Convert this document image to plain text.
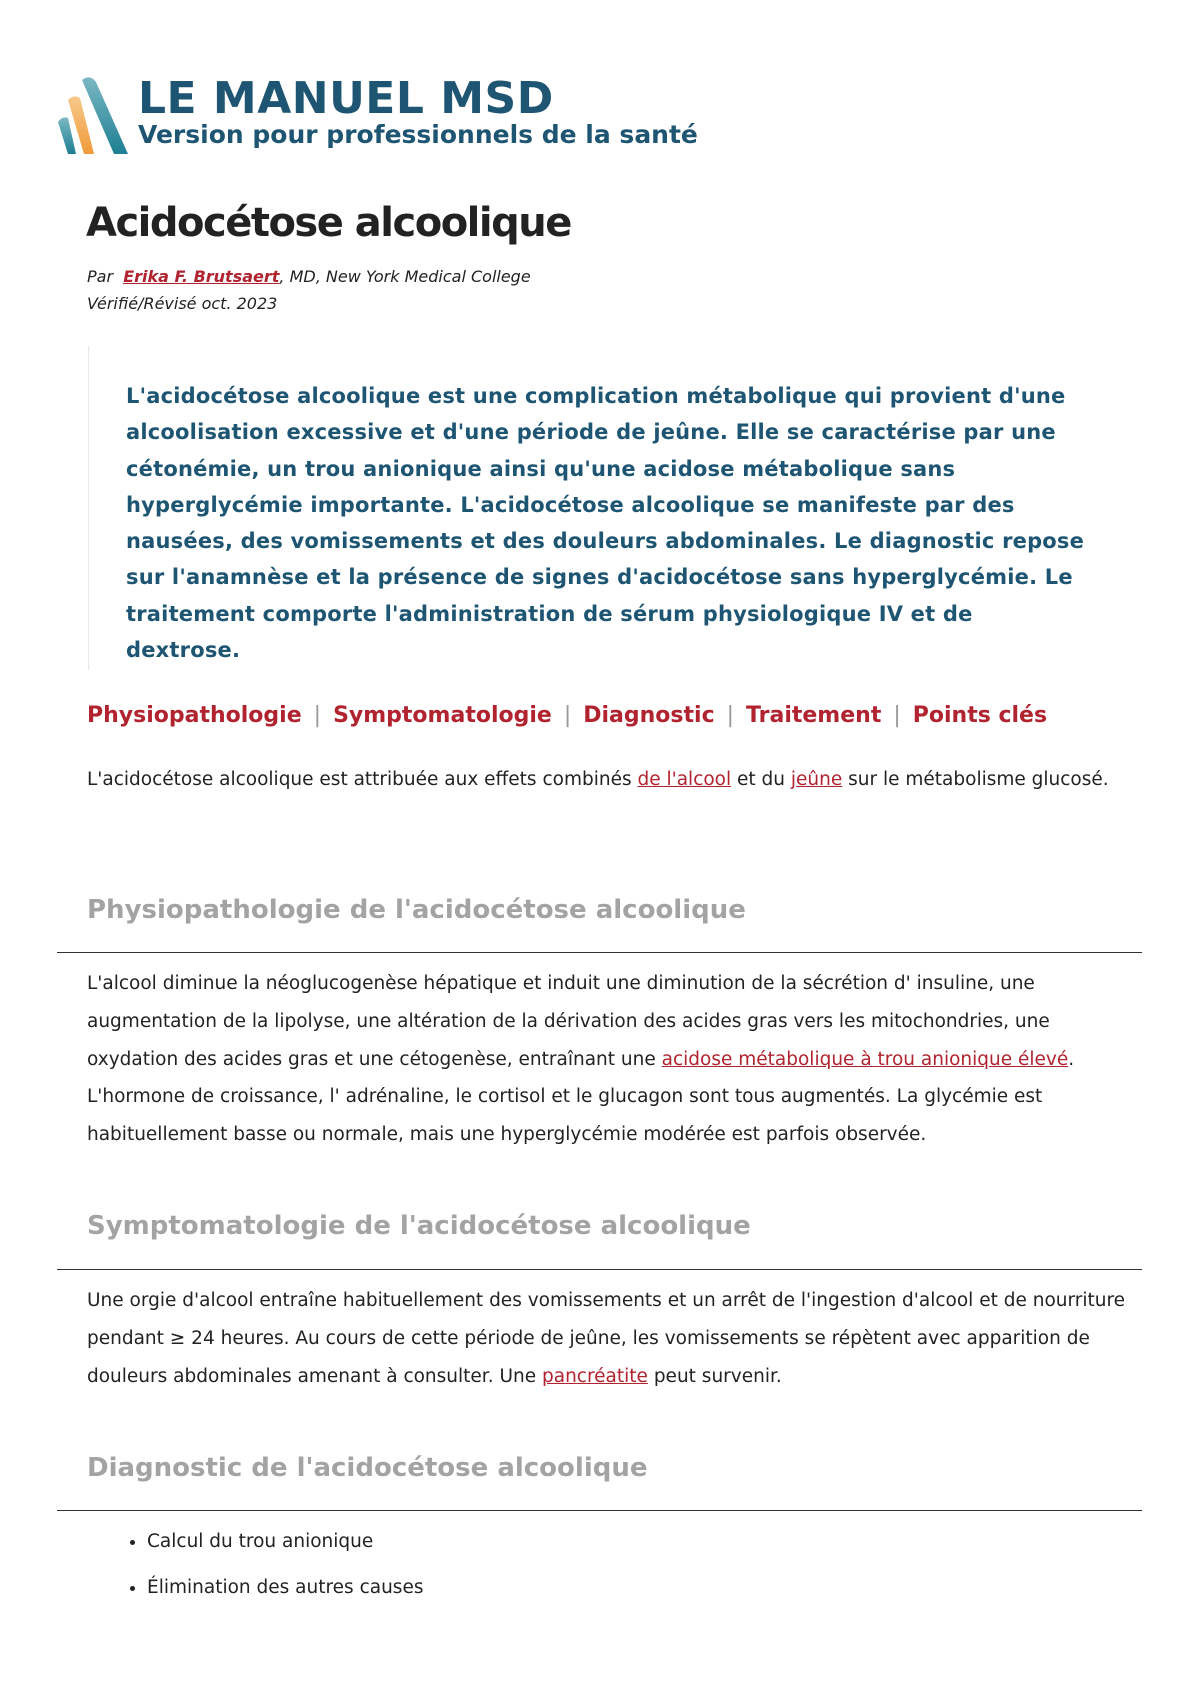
LE MANUEL MSD
Version pour professionnels de la santé
Acidocétose alcoolique
Par Erika F. Brutsaert, MD, New York Medical College
Vérifié/Révisé oct. 2023

L'acidocétose alcoolique est une complication métabolique qui provient d'une alcoolisation excessive et d'une période de jeûne. Elle se caractérise par une cétonémie, un trou anionique ainsi qu'une acidose métabolique sans hyperglycémie importante. L'acidocétose alcoolique se manifeste par des nausées, des vomissements et des douleurs abdominales. Le diagnostic repose sur l'anamnèse et la présence de signes d'acidocétose sans hyperglycémie. Le traitement comporte l'administration de sérum physiologique IV et de dextrose.

Physiopathologie | Symptomatologie | Diagnostic | Traitement | Points clés

L'acidocétose alcoolique est attribuée aux effets combinés de l'alcool et du jeûne sur le métabolisme glucosé.

Physiopathologie de l'acidocétose alcoolique

L'alcool diminue la néoglucogenèse hépatique et induit une diminution de la sécrétion d' insuline, une augmentation de la lipolyse, une altération de la dérivation des acides gras vers les mitochondries, une oxydation des acides gras et une cétogenèse, entraînant une acidose métabolique à trou anionique élevé. L'hormone de croissance, l' adrénaline, le cortisol et le glucagon sont tous augmentés. La glycémie est habituellement basse ou normale, mais une hyperglycémie modérée est parfois observée.

Symptomatologie de l'acidocétose alcoolique

Une orgie d'alcool entraîne habituellement des vomissements et un arrêt de l'ingestion d'alcool et de nourriture pendant ≥ 24 heures. Au cours de cette période de jeûne, les vomissements se répètent avec apparition de douleurs abdominales amenant à consulter. Une pancréatite peut survenir.

Diagnostic de l'acidocétose alcoolique
• Calcul du trou anionique
• Élimination des autres causes
